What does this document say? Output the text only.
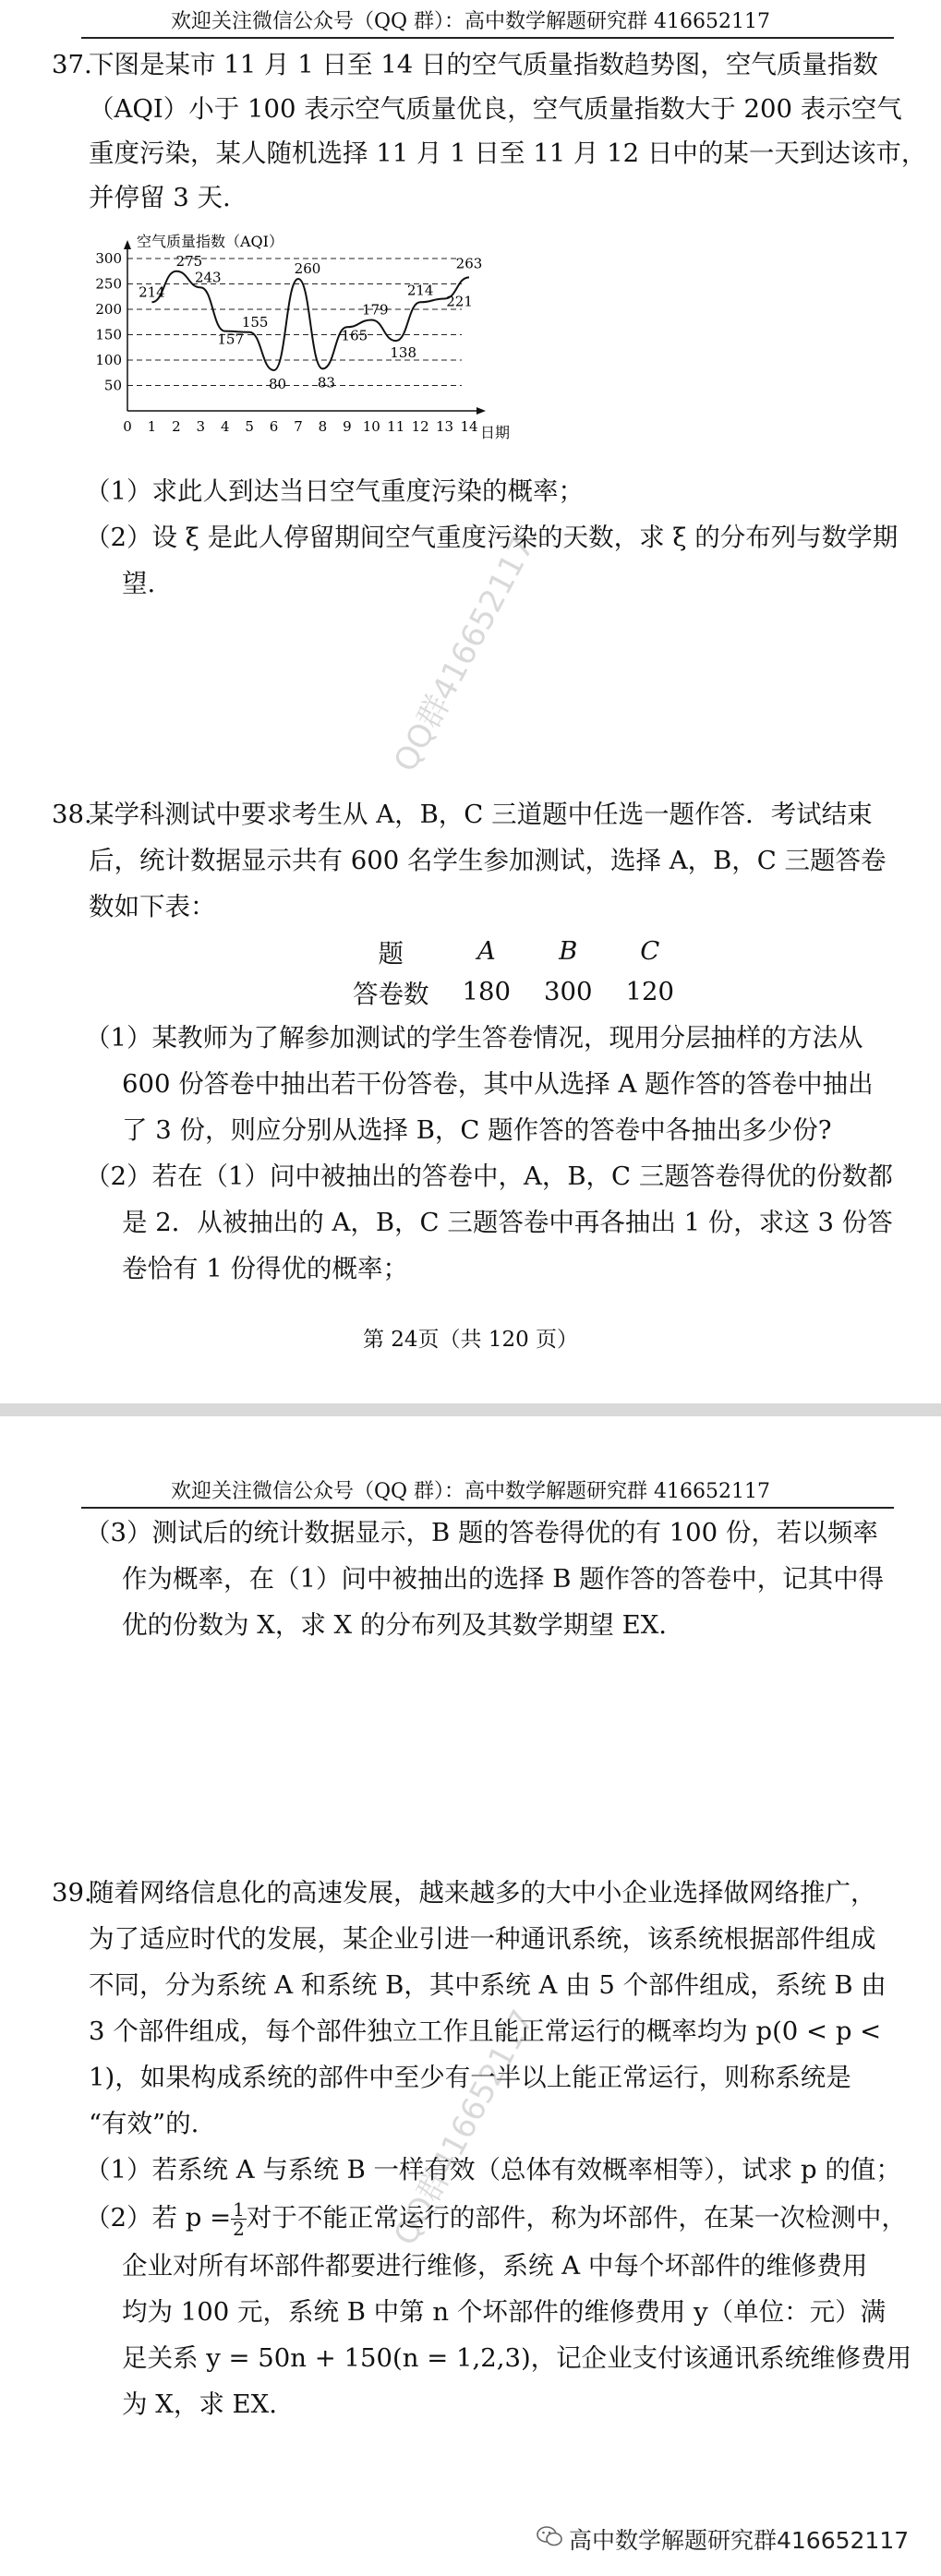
欢迎关注微信公众号（QQ 群）：高中数学解题研究群 416652117
37.
下图是某市 11 月 1 日至 14 日的空气质量指数趋势图，空气质量指数
（AQI）小于 100 表示空气质量优良，空气质量指数大于 200 表示空气
重度污染，某人随机选择 11 月 1 日至 11 月 12 日中的某一天到达该市，
并停留 3 天.
空气质量指数（AQI）
日期
50
100
150
200
250
300
0 1 2 3 4 5 6 7 8 9 10 11 12 13 14
214
275
243
157
155
80
260
83
165
179
138
214
221
263
（1）求此人到达当日空气重度污染的概率；
（2）设 ξ 是此人停留期间空气重度污染的天数，求 ξ 的分布列与数学期
望.	QQ群416652117
38.
某学科测试中要求考生从 A，B，C 三道题中任选一题作答．考试结束
后，统计数据显示共有 600 名学生参加测试，选择 A，B，C 三题答卷
数如下表：
题	A	B	C
答卷数	180	300	120
（1）某教师为了解参加测试的学生答卷情况，现用分层抽样的方法从
600 份答卷中抽出若干份答卷，其中从选择 A 题作答的答卷中抽出
了 3 份，则应分别从选择 B，C 题作答的答卷中各抽出多少份?
（2）若在（1）问中被抽出的答卷中，A，B，C 三题答卷得优的份数都
是 2．从被抽出的 A，B，C 三题答卷中再各抽出 1 份，求这 3 份答
卷恰有 1 份得优的概率；
第 24页（共 120 页）
欢迎关注微信公众号（QQ 群）：高中数学解题研究群 416652117
（3）测试后的统计数据显示，B 题的答卷得优的有 100 份，若以频率
作为概率，在（1）问中被抽出的选择 B 题作答的答卷中，记其中得
优的份数为 X，求 X 的分布列及其数学期望 EX.
39.
随着网络信息化的高速发展，越来越多的大中小企业选择做网络推广，
为了适应时代的发展，某企业引进一种通讯系统，该系统根据部件组成
不同，分为系统 A 和系统 B，其中系统 A 由 5 个部件组成，系统 B 由
3 个部件组成，每个部件独立工作且能正常运行的概率均为 p(0 < p <
1)，如果构成系统的部件中至少有一半以上能正常运行，则称系统是
“有效”的.	QQ群416652117
（1）若系统 A 与系统 B 一样有效（总体有效概率相等），试求 p 的值；
（2）若 $p = \frac{1}{2}$ 对于不能正常运行的部件，称为坏部件，在某一次检测中，
企业对所有坏部件都要进行维修，系统 A 中每个坏部件的维修费用
均为 100 元，系统 B 中第 n 个坏部件的维修费用 y（单位：元）满
足关系 y = 50n + 150(n = 1,2,3)，记企业支付该通讯系统维修费用
为 X，求 EX.
高中数学解题研究群416652117
